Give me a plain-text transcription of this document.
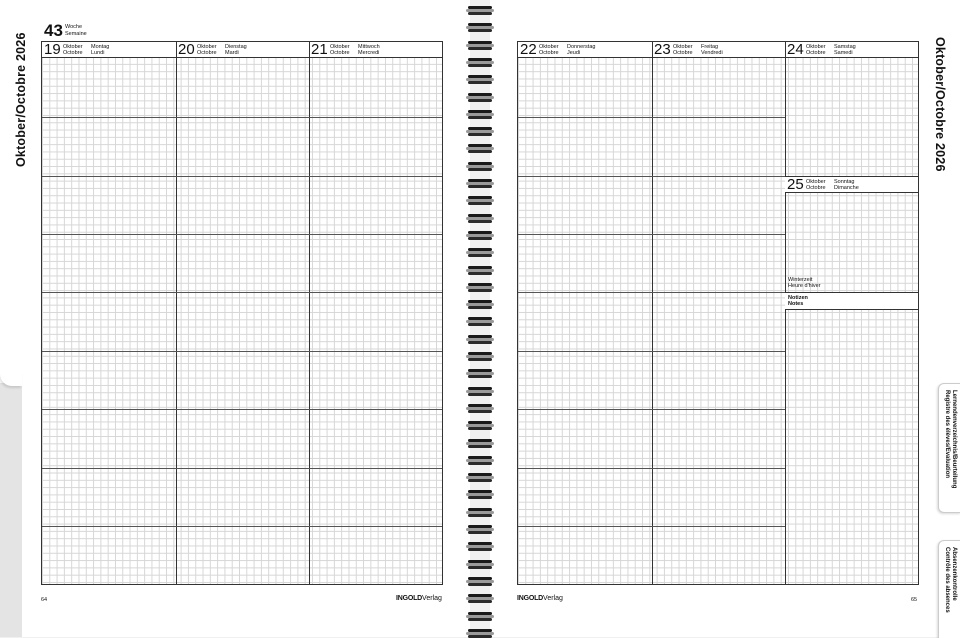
Oktober/Octobre 2026
43 Woche
Semaine
19 Oktober
Octobre
Montag
Lundi	20 Oktober
Octobre
Dienstag
Mardi	21 Oktober
Octobre
Mittwoch
Mercredi
64	INGOLDVerlag
Oktober/Octobre 2026
22 Oktober
Octobre
Donnerstag
Jeudi	23 Oktober
Octobre
Freitag
Vendredi	24 Oktober
Octobre
Samstag
Samedi
25 Oktober
Octobre
Sonntag
Dimanche
Winterzeit
Heure d'hiver
Notizen
Notes
65
INGOLDVerlag
Lernendenverzeichnis/Beurteilung
Registre des élèves/Evaluation
Absenzenkontrolle
Contrôle des absences
